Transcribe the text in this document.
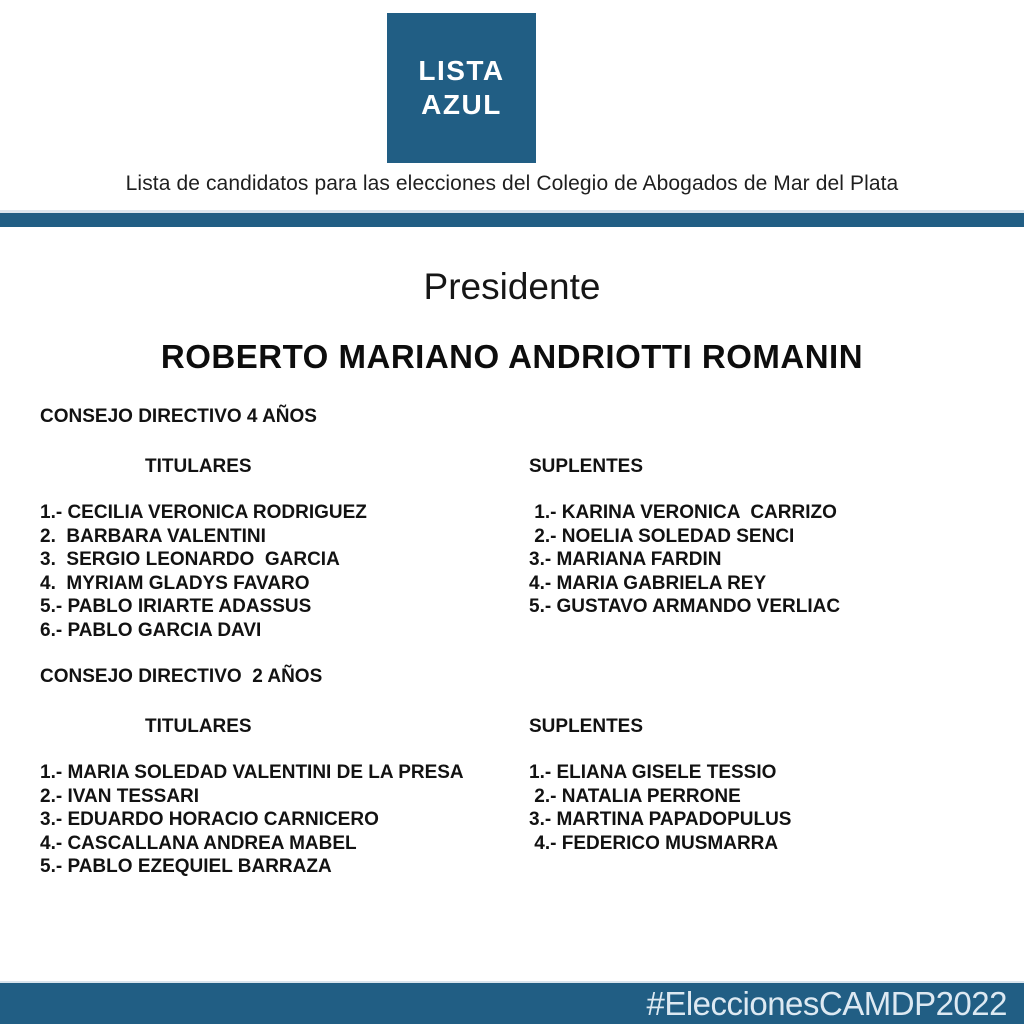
LISTA
AZUL
Lista de candidatos para las elecciones del Colegio de Abogados de Mar del Plata
Presidente
ROBERTO MARIANO ANDRIOTTI ROMANIN
CONSEJO DIRECTIVO 4 AÑOS
TITULARES	SUPLENTES
1.- CECILIA VERONICA RODRIGUEZ
2.  BARBARA VALENTINI
3.  SERGIO LEONARDO  GARCIA
4.  MYRIAM GLADYS FAVARO
5.- PABLO IRIARTE ADASSUS
6.- PABLO GARCIA DAVI
1.- KARINA VERONICA  CARRIZO
2.- NOELIA SOLEDAD SENCI
3.- MARIANA FARDIN
4.- MARIA GABRIELA REY
5.- GUSTAVO ARMANDO VERLIAC
CONSEJO DIRECTIVO  2 AÑOS
TITULARES	SUPLENTES
1.- MARIA SOLEDAD VALENTINI DE LA PRESA
2.- IVAN TESSARI
3.- EDUARDO HORACIO CARNICERO
4.- CASCALLANA ANDREA MABEL
5.- PABLO EZEQUIEL BARRAZA
1.- ELIANA GISELE TESSIO
2.- NATALIA PERRONE
3.- MARTINA PAPADOPULUS
4.- FEDERICO MUSMARRA
#EleccionesCAMDP2022
